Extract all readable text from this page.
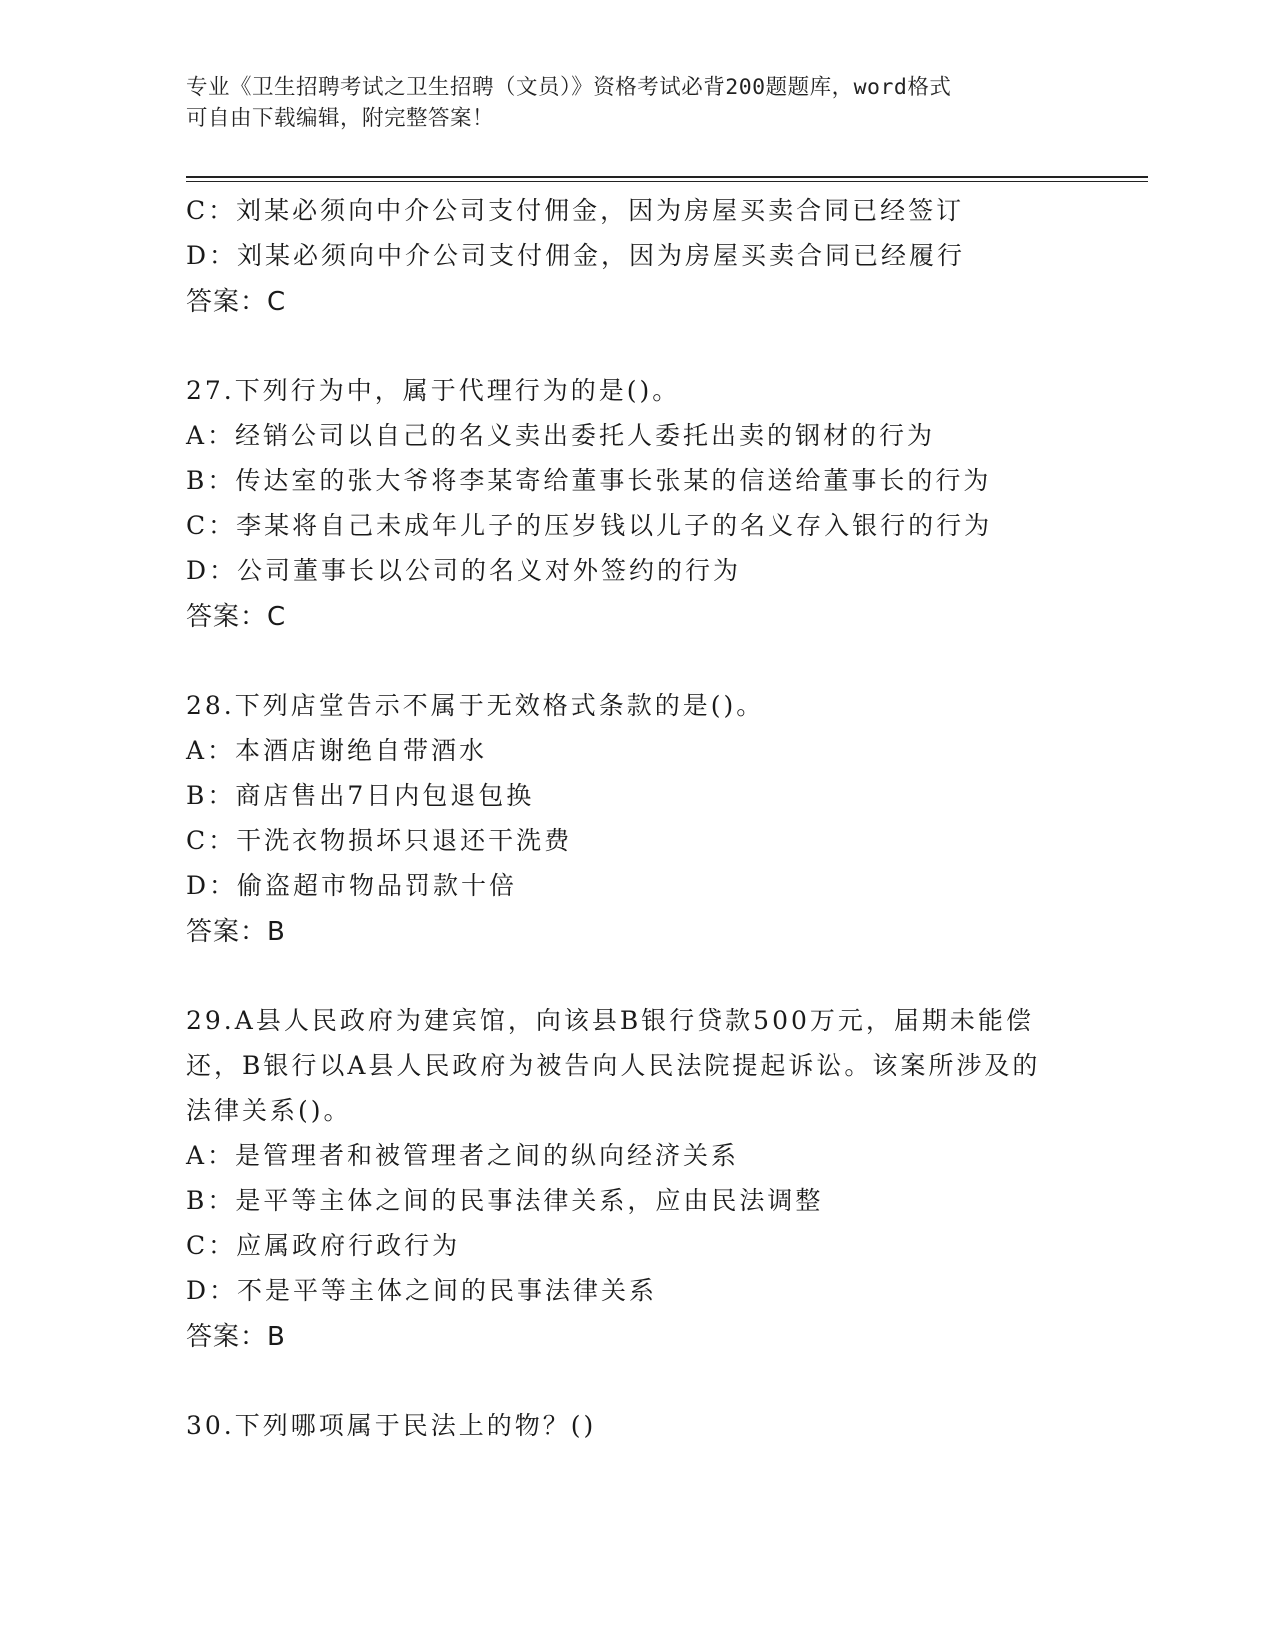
专业《卫生招聘考试之卫生招聘（文员）》资格考试必背200题题库，word格式
可自由下载编辑，附完整答案！
C：刘某必须向中介公司支付佣金，因为房屋买卖合同已经签订
D：刘某必须向中介公司支付佣金，因为房屋买卖合同已经履行
答案：C
27.下列行为中，属于代理行为的是()。
A：经销公司以自己的名义卖出委托人委托出卖的钢材的行为
B：传达室的张大爷将李某寄给董事长张某的信送给董事长的行为
C：李某将自己未成年儿子的压岁钱以儿子的名义存入银行的行为
D：公司董事长以公司的名义对外签约的行为
答案：C
28.下列店堂告示不属于无效格式条款的是()。
A：本酒店谢绝自带酒水
B：商店售出7日内包退包换
C：干洗衣物损坏只退还干洗费
D：偷盗超市物品罚款十倍
答案：B
29.A县人民政府为建宾馆，向该县B银行贷款500万元，届期未能偿
还，B银行以A县人民政府为被告向人民法院提起诉讼。该案所涉及的
法律关系()。
A：是管理者和被管理者之间的纵向经济关系
B：是平等主体之间的民事法律关系，应由民法调整
C：应属政府行政行为
D：不是平等主体之间的民事法律关系
答案：B
30.下列哪项属于民法上的物？()
